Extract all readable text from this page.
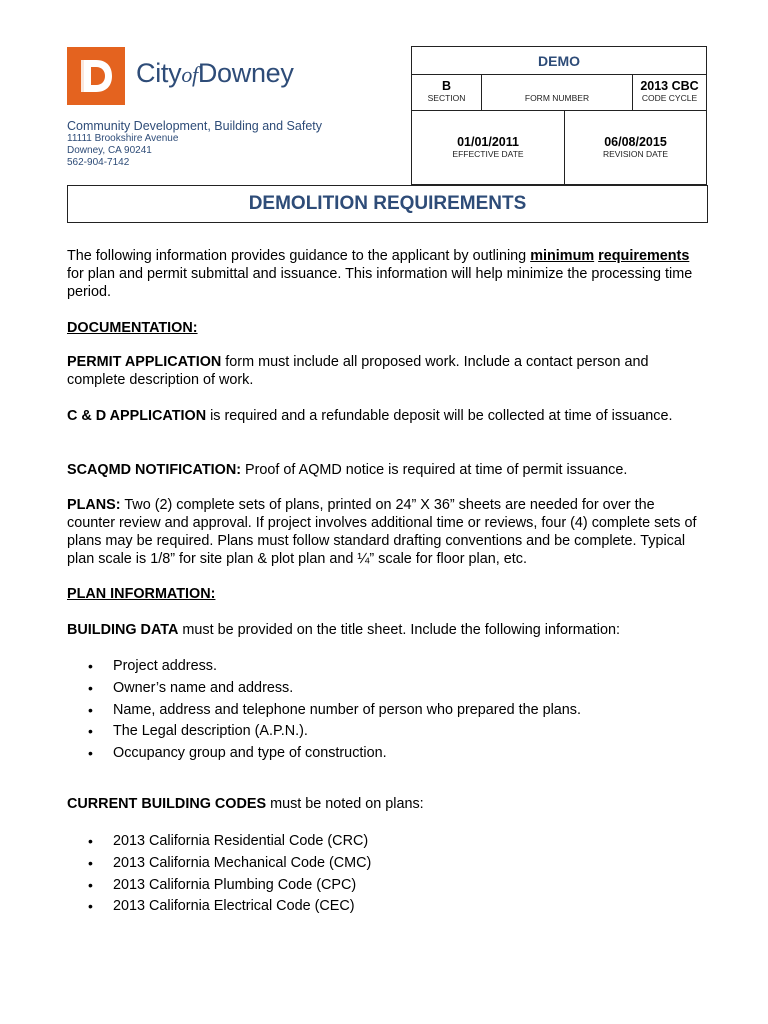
CityofDowney
Community Development, Building and Safety
11111 Brookshire Avenue
Downey, CA 90241
562-904-7142
DEMO
B
SECTION	FORM NUMBER
2013 CBC
CODE CYCLE
01/01/2011
EFFECTIVE DATE
06/08/2015
REVISION DATE
DEMOLITION REQUIREMENTS
The following information provides guidance to the applicant by outlining minimum requirements for plan and permit submittal and issuance. This information will help minimize the processing time period.
DOCUMENTATION:
PERMIT APPLICATION form must include all proposed work. Include a contact person and complete description of work.
C & D APPLICATION is required and a refundable deposit will be collected at time of issuance.
SCAQMD NOTIFICATION: Proof of AQMD notice is required at time of permit issuance.
PLANS: Two (2) complete sets of plans, printed on 24” X 36” sheets are needed for over the counter review and approval. If project involves additional time or reviews, four (4) complete sets of plans may be required. Plans must follow standard drafting conventions and be complete. Typical plan scale is 1/8” for site plan & plot plan and ¼” scale for floor plan, etc.
PLAN INFORMATION:
BUILDING DATA must be provided on the title sheet. Include the following information:
• Project address.
• Owner’s name and address.
• Name, address and telephone number of person who prepared the plans.
• The Legal description (A.P.N.).
• Occupancy group and type of construction.
CURRENT BUILDING CODES must be noted on plans:
• 2013 California Residential Code (CRC)
• 2013 California Mechanical Code (CMC)
• 2013 California Plumbing Code (CPC)
• 2013 California Electrical Code (CEC)
